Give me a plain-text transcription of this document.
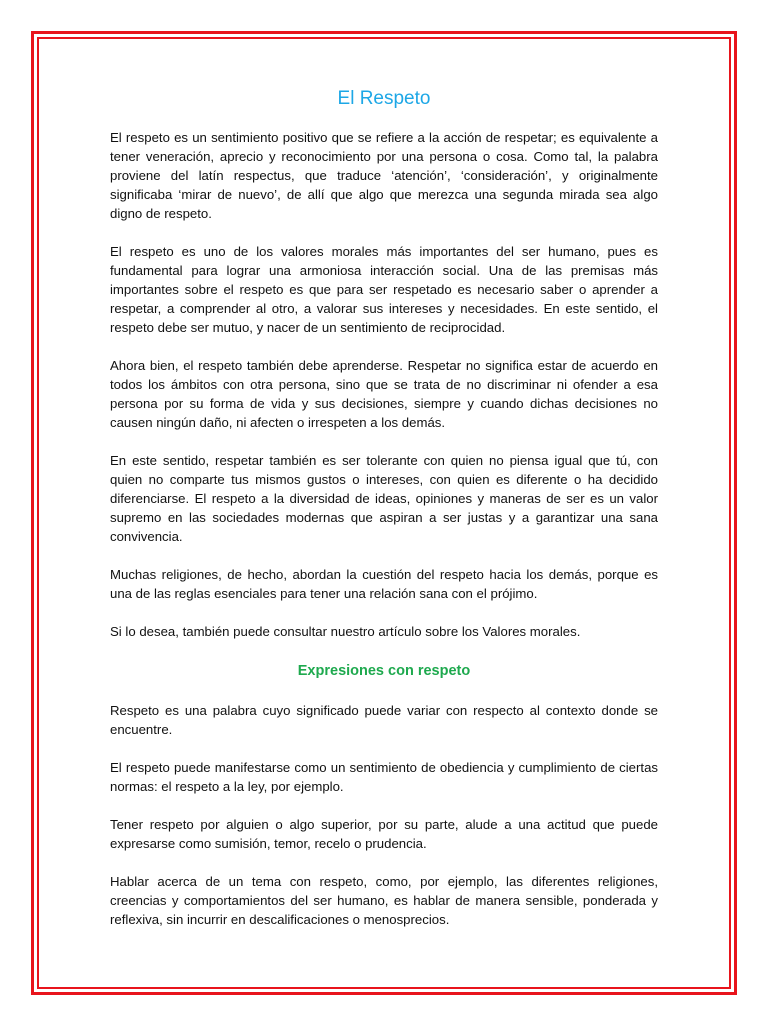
El Respeto

El respeto es un sentimiento positivo que se refiere a la acción de respetar; es equivalente a tener veneración, aprecio y reconocimiento por una persona o cosa. Como tal, la palabra proviene del latín respectus, que traduce ‘atención’, ‘consideración’, y originalmente significaba ‘mirar de nuevo’, de allí que algo que merezca una segunda mirada sea algo digno de respeto.

El respeto es uno de los valores morales más importantes del ser humano, pues es fundamental para lograr una armoniosa interacción social. Una de las premisas más importantes sobre el respeto es que para ser respetado es necesario saber o aprender a respetar, a comprender al otro, a valorar sus intereses y necesidades. En este sentido, el respeto debe ser mutuo, y nacer de un sentimiento de reciprocidad.

Ahora bien, el respeto también debe aprenderse. Respetar no significa estar de acuerdo en todos los ámbitos con otra persona, sino que se trata de no discriminar ni ofender a esa persona por su forma de vida y sus decisiones, siempre y cuando dichas decisiones no causen ningún daño, ni afecten o irrespeten a los demás.

En este sentido, respetar también es ser tolerante con quien no piensa igual que tú, con quien no comparte tus mismos gustos o intereses, con quien es diferente o ha decidido diferenciarse. El respeto a la diversidad de ideas, opiniones y maneras de ser es un valor supremo en las sociedades modernas que aspiran a ser justas y a garantizar una sana convivencia.

Muchas religiones, de hecho, abordan la cuestión del respeto hacia los demás, porque es una de las reglas esenciales para tener una relación sana con el prójimo.

Si lo desea, también puede consultar nuestro artículo sobre los Valores morales.

Expresiones con respeto

Respeto es una palabra cuyo significado puede variar con respecto al contexto donde se encuentre.

El respeto puede manifestarse como un sentimiento de obediencia y cumplimiento de ciertas normas: el respeto a la ley, por ejemplo.

Tener respeto por alguien o algo superior, por su parte, alude a una actitud que puede expresarse como sumisión, temor, recelo o prudencia.

Hablar acerca de un tema con respeto, como, por ejemplo, las diferentes religiones, creencias y comportamientos del ser humano, es hablar de manera sensible, ponderada y reflexiva, sin incurrir en descalificaciones o menosprecios.
